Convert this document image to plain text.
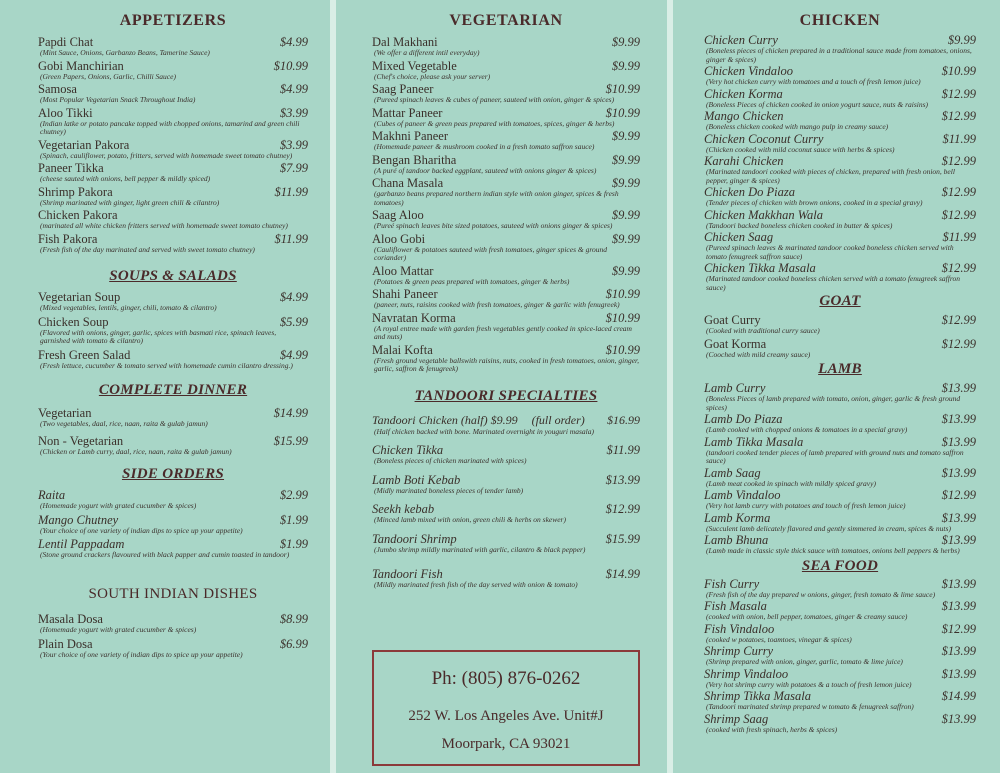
APPETIZERS
Papdi Chat	$4.99
(Mint Sauce, Onions, Garbanzo Beans, Tamerine Sauce)
Gobi Manchirian	$10.99
(Green Papers, Onions, Garlic, Chilli Sauce)
Samosa	$4.99
(Most Popular Vegetarian Snack Throughout India)
Aloo Tikki	$3.99
(Indian latke or potato pancake topped with chopped onions, tamarind and green chili chutney)
Vegetarian Pakora	$3.99
(Spinach, cauliflower, potato, fritters, served with homemade sweet tomato chutney)
Paneer Tikka	$7.99
(cheese sauted with onions, bell pepper & mildly spiced)
Shrimp Pakora	$11.99
(Shrimp marinated with ginger, light green chili & cilantro)
Chicken Pakora
(marinated all white chicken fritters served with homemade sweet tomato chutney)
Fish Pakora	$11.99
(Fresh fish of the day marinated and served with sweet tomato chutney)
SOUPS & SALADS
Vegetarian Soup	$4.99
(Mixed vegetables, lentils, ginger, chili, tomato & cilantro)
Chicken Soup	$5.99
(Flavored with onions, ginger, garlic, spices with basmati rice, spinach leaves, garnished with tomato & cilantro)
Fresh Green Salad	$4.99
(Fresh lettuce, cucumber & tomato served with homemade cumin cilantro dressing.)
COMPLETE DINNER
Vegetarian	$14.99
(Two vegetables, daal, rice, naan, raita & gulab jamun)
Non - Vegetarian	$15.99
(Chicken or Lamb curry, daal, rice, naan, raita & gulab jamun)
SIDE ORDERS
Raita	$2.99
(Homemade yogurt with grated cucumber & spices)
Mango Chutney	$1.99
(Your choice of one variety of indian dips to spice up your appetite)
Lentil Pappadam	$1.99
(Stone ground crackers flavoured with black papper and cumin toasted in tandoor)
SOUTH INDIAN DISHES
Masala Dosa	$8.99
(Homemade yogurt with grated cucumber & spices)
Plain Dosa	$6.99
(Your choice of one variety of indian dips to spice up your appetite)
VEGETARIAN
Dal Makhani	$9.99
(We offer a different intil everyday)
Mixed Vegetable	$9.99
(Chef's choice, please ask your server)
Saag Paneer	$10.99
(Pureed spinach leaves & cubes of paneer, sauteed with onion, ginger & spices)
Mattar Paneer	$10.99
(Cubes of paneer & green peas prepared with tomatoes, spices, ginger & herbs)
Makhni Paneer	$9.99
(Homemade paneer & mushroom cooked in a fresh tomato saffron sauce)
Bengan Bharitha	$9.99
(A puré of tandoor backed eggplant, sauteed with onions ginger & spices)
Chana Masala	$9.99
(garbanzo beans prepared northern indian style with onion ginger, spices & fresh tomatoes)
Saag Aloo	$9.99
(Pureé spinach leaves bite sized potatoes, sauteed with onions ginger & spices)
Aloo Gobi	$9.99
(Cauliflower & potatoes sauteed with fresh tomatoes, ginger spices & ground coriander)
Aloo Mattar	$9.99
(Potatoes & green peas prepared with tomatoes, ginger & herbs)
Shahi Paneer	$10.99
(paneer, nuts, raisins cooked with fresh tomatoes, ginger & garlic with fenugreek)
Navratan Korma	$10.99
(A royal entree made with garden fresh vegetables gently cooked in spice-laced cream and nuts)
Malai Kofta	$10.99
(Fresh ground vegetable ballswith raisins, nuts, cooked in fresh tomatoes, onion, ginger, garlic, saffron & fenugreek)
TANDOORI SPECIALTIES
Tandoori Chicken (half) $9.99 (full order) $16.99
(Half chicken backed with bone. Marinated overnight in youguri masala)
Chicken Tikka	$11.99
(Boneless pieces of chicken marinated with spices)
Lamb Boti Kebab	$13.99
(Midly marinated boneless pieces of tender lamb)
Seekh kebab	$12.99
(Minced lamb mixed with onion, green chili & herbs on skewer)
Tandoori Shrimp	$15.99
(Jumbo shrimp mildly marinated with garlic, cilantro & black pepper)
Tandoori Fish	$14.99
(Mildly marinated fresh fish of the day served with onion & tomato)
Ph: (805) 876-0262
252 W. Los Angeles Ave. Unit#J
Moorpark, CA 93021
CHICKEN
Chicken Curry	$9.99
(Boneless pieces of chicken prepared in a traditional sauce made from tomatoes, onions, ginger & spices)
Chicken Vindaloo	$10.99
(Very hot chicken curry with tomatoes and a touch of fresh lemon juice)
Chicken Korma	$12.99
(Boneless Pieces of chicken cooked in onion yogurt sauce, nuts & raisins)
Mango Chicken	$12.99
(Boneless chicken cooked with mango pulp in creamy sauce)
Chicken Coconut Curry	$11.99
(Chicken cooked with mild coconut sauce with herbs & spices)
Karahi Chicken	$12.99
(Marinated tandoori cooked with pieces of chicken, prepared with fresh onion, bell pepper, ginger & spices)
Chicken Do Piaza	$12.99
(Tender pieces of chicken with brown onions, cooked in a special gravy)
Chicken Makkhan Wala	$12.99
(Tandoori backed boneless chicken cooked in butter & spices)
Chicken Saag	$11.99
(Pureed spinach leaves & marinated tandoor cooked boneless chicken served with tomato fenugreek saffron sauce)
Chicken Tikka Masala	$12.99
(Marinated tandoor cooked boneless chicken served with a tomato fenugreek saffron sauce)
GOAT
Goat Curry	$12.99
(Cooked with traditional curry sauce)
Goat Korma	$12.99
(Cooched with mild creamy sauce)
LAMB
Lamb Curry	$13.99
(Boneless Pieces of lamb prepared with tomato, onion, ginger, garlic & fresh ground spices)
Lamb Do Piaza	$13.99
(Lamb cooked with chopped onions & tomatoes in a special gravy)
Lamb Tikka Masala	$13.99
(tandoori cooked tender pieces of lamb prepared with ground nuts and tomato saffron sauce)
Lamb Saag	$13.99
(Lamb meat cooked in spinach with mildly spiced gravy)
Lamb Vindaloo	$12.99
(Very hot lamb curry with potatoes and touch of fresh lemon juice)
Lamb Korma	$13.99
(Succulent lamb delicately flavored and gently simmered in cream, spices & nuts)
Lamb Bhuna	$13.99
(Lamb made in classic style thick sauce with tomatoes, onions bell peppers & herbs)
SEA FOOD
Fish Curry	$13.99
(Fresh fish of the day prepared w onions, ginger, fresh tomato & lime sauce)
Fish Masala	$13.99
(cooked with onion, bell pepper, tomatoes, ginger & creamy sauce)
Fish Vindaloo	$12.99
(cooked w potatoes, toamtoes, vinegar & spices)
Shrimp Curry	$13.99
(Shrimp prepared with onion, ginger, garlic, tomato & lime juice)
Shrimp Vindaloo	$13.99
(Very hot shrimp curry with potatoes & a touch of fresh lemon juice)
Shrimp Tikka Masala	$14.99
(Tandoori marinated shrimp prepared w tomato & fenugreek saffron)
Shrimp Saag	$13.99
(cooked with fresh spinach, herbs & spices)
